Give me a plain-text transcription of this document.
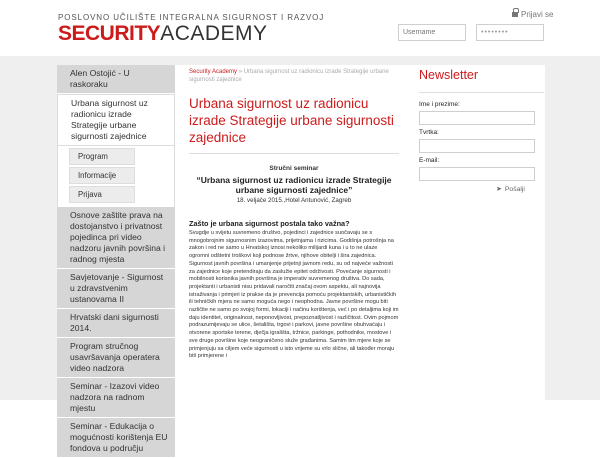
POSLOVNO UČILIŠTE INTEGRALNA SIGURNOST I RAZVOJ
SECURITYACADEMY
Prijavi se
Username
••••••••
Alen Ostojić - U raskoraku
Urbana sigurnost uz radionicu izrade Strategije urbane sigurnosti zajednice
Program
Informacije
Prijava
Osnove zaštite prava na dostojanstvo i privatnost pojedinca pri video nadzoru javnih površina i radnog mjesta
Savjetovanje - Sigurnost u zdravstvenim ustanovama II
Hrvatski dani sigurnosti 2014.
Program stručnog usavršavanja operatera video nadzora
Seminar - Izazovi video nadzora na radnom mjestu
Seminar - Edukacija o mogućnosti korištenja EU fondova u području
Security Academy » Urbana sigurnost uz radionicu izrade Strategije urbane sigurnosti zajednice
Urbana sigurnost uz radionicu izrade Strategije urbane sigurnosti zajednice
Stručni seminar
“Urbana sigurnost uz radionicu izrade Strategije urbane sigurnosti zajednice”
18. veljače 2015.,Hotel Antunović, Zagreb
Zašto je urbana sigurnost postala tako važna?

Svugdje u svijetu suvremeno društvo, pojedinci i zajednice suočavaju se s mnogobrojnim sigurnosnim izazovima, prijetnjama i rizicima. Godišnja potrošnja na zakon i red ne samo u Hrvatskoj iznosi nekoliko milijardi kuna i u to ne ulaze ogromni odštetni troškovi koji podnose žrtve, njihove obitelji i šira zajednica. Sigurnost javnih površina i umanjenje prijetnji javnom redu, su od najveće važnosti za zajednice koje pretendiraju da zaslužie epitet održivosti. Povećanje sigurnosti i mobilnosti korisnika javnih površina je imperativ suvremenog društva. Do sada, projektanti i urbanisti nisu pridavali naročiti značaj ovom aspektu, ali najnovija istraživanja i primjeri iz prakse da je prevencija pomoću projektantskih, urbanističkih ili tehničkih mjera ne samo moguća nego i neophodna. Javne površine mogu biti različite ne samo po svojoj formi, lokaciji i načinu korištenja, već i po detaljima koji im daju identitet, originalnost, neponovljivost, prepoznatljivost i različitost. Ovim pojmom podrazumijevaju se ulice, šetališta, trgovi i parkovi, javne površine obuhvaćaju i otvorene sportske terene, dječja igrališta, tržnice, parkinge, pothodnike, mostove i sve druge površine koje neograničeno služe građanima. Samim tim mjere koje se primjenjuju sa ciljem veće sigurnosti u isto vrijeme su vrlo slične, ali također moraju biti primjerene i

Newsletter
Ime i prezime:
Tvrtka:
E-mail:
➤ Pošalji
